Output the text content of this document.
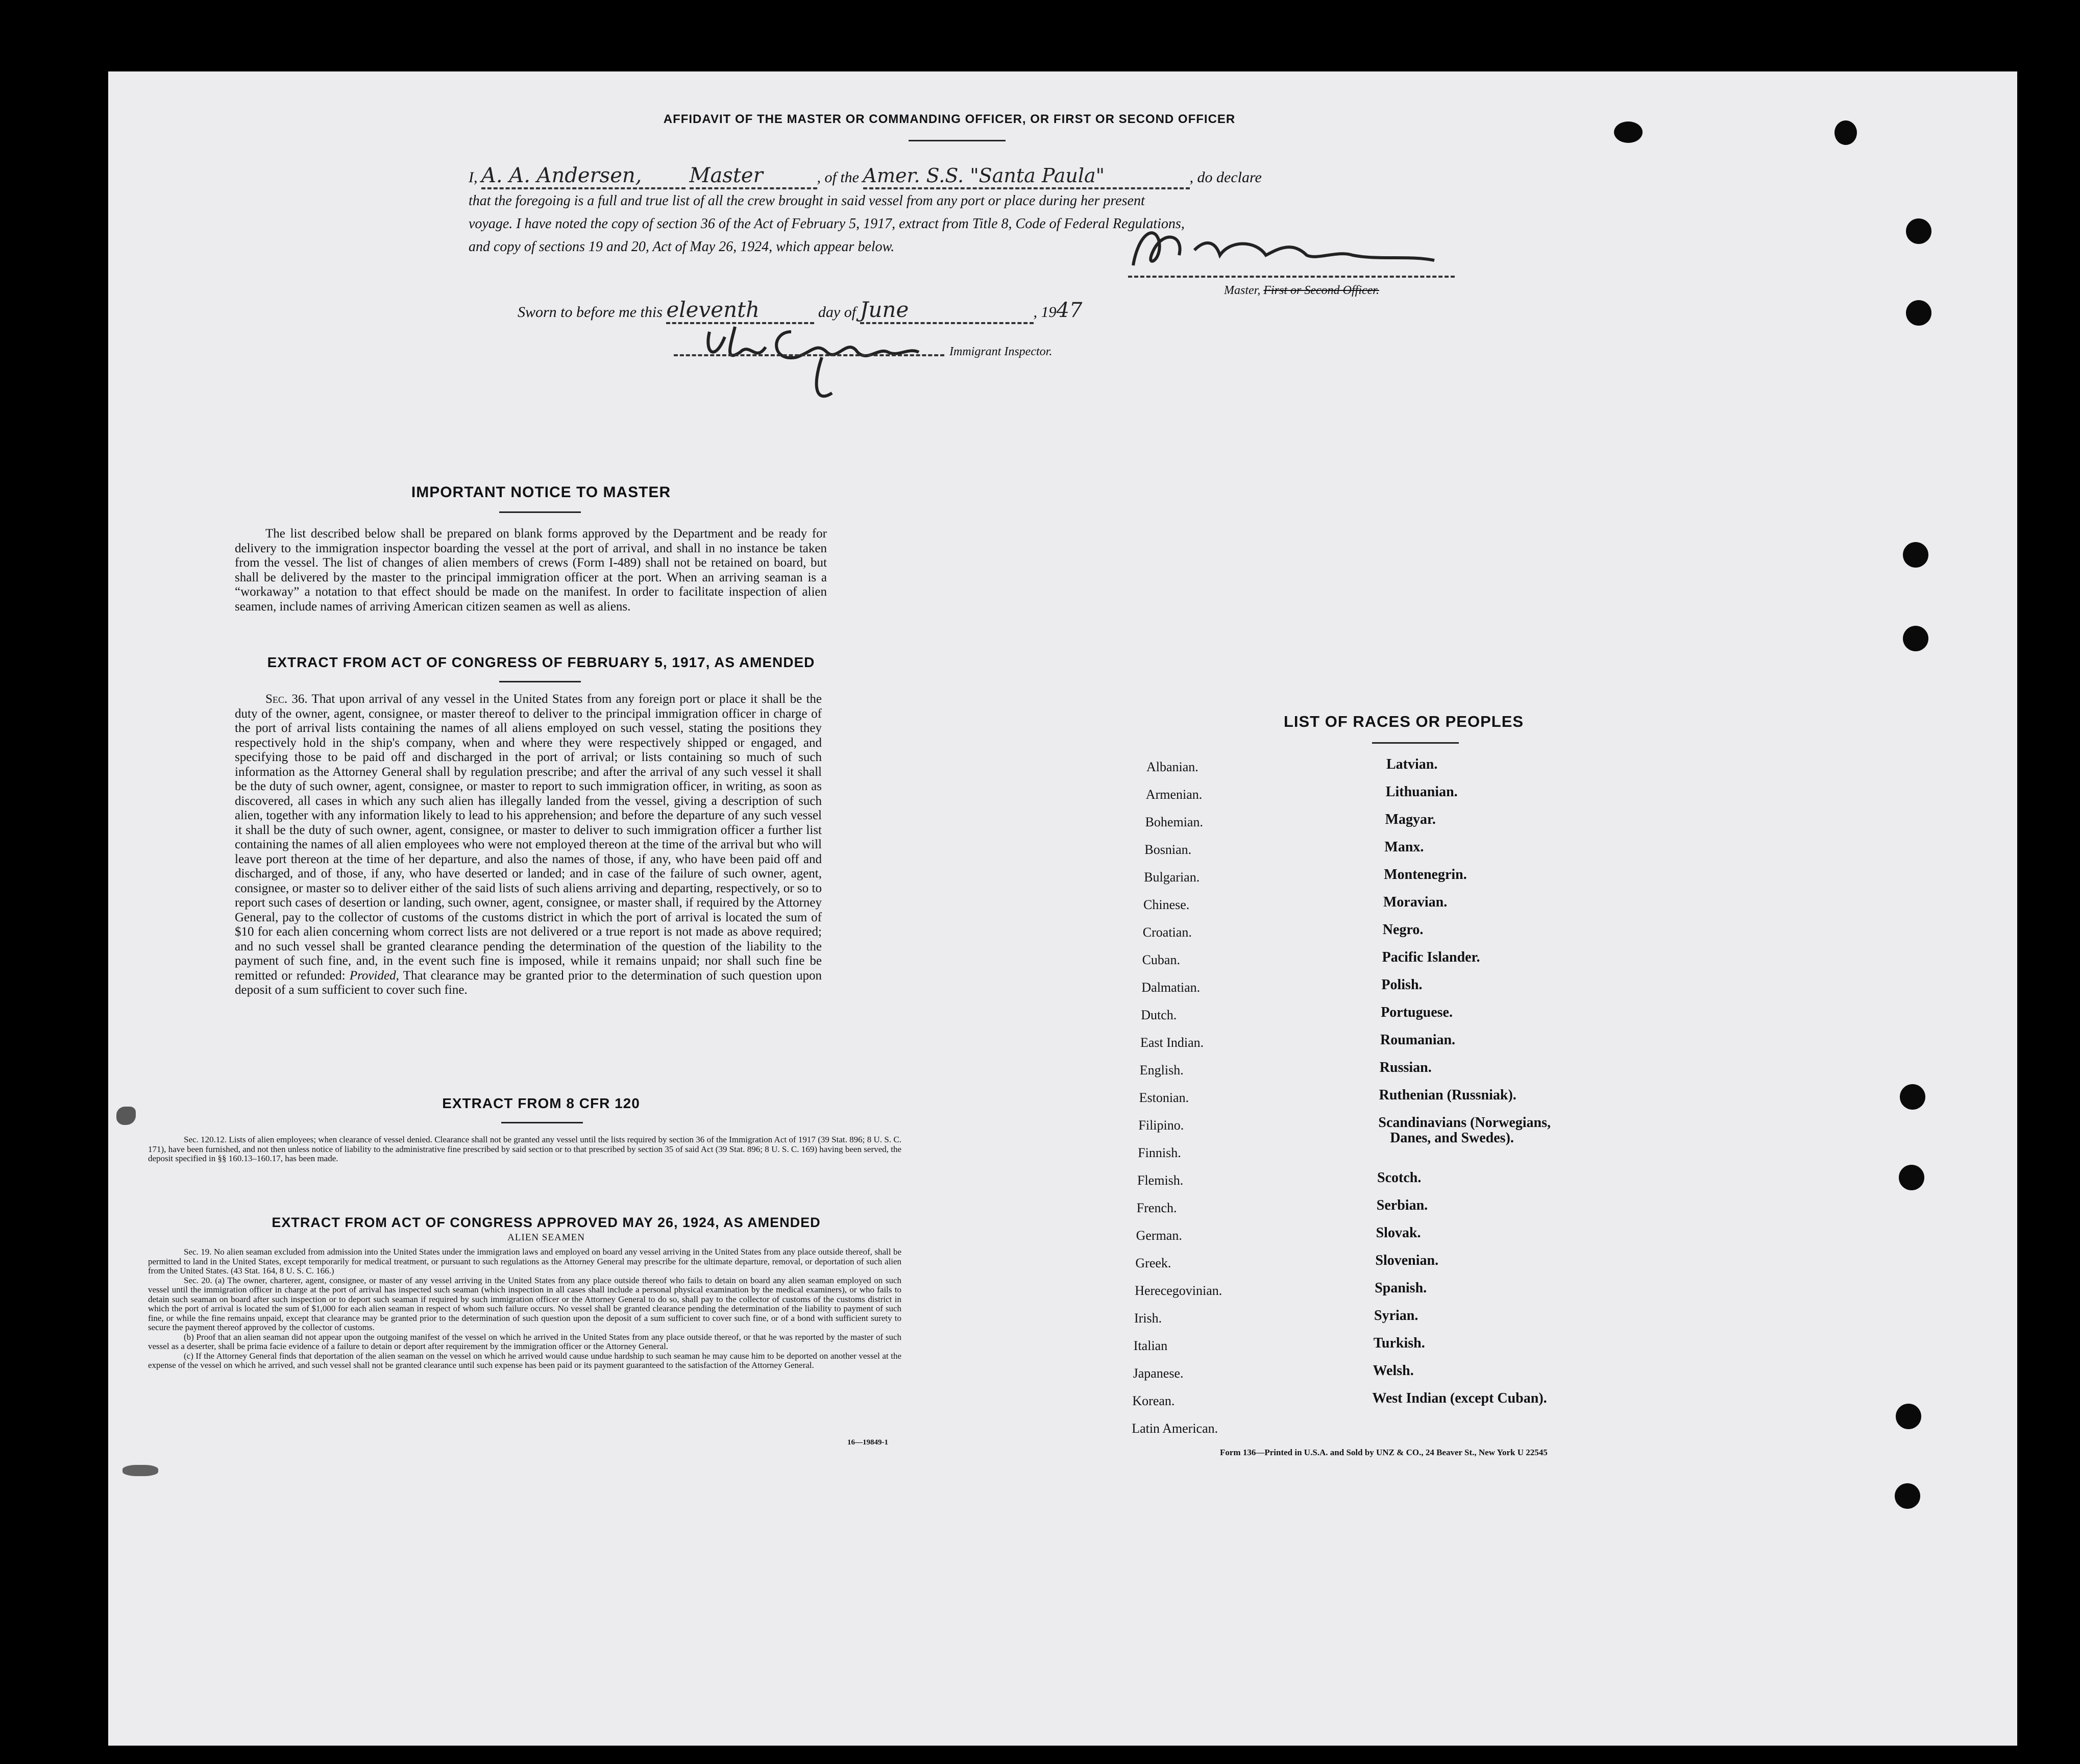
AFFIDAVIT OF THE MASTER OR COMMANDING OFFICER, OR FIRST OR SECOND OFFICER
I, A. A. Andersen, Master	, of the Amer. S.S. "Santa Paula"	, do declare
that the foregoing is a full and true list of all the crew brought in said vessel from any port or place during her present
voyage. I have noted the copy of section 36 of the Act of February 5, 1917, extract from Title 8, Code of Federal Regulations,
and copy of sections 19 and 20, Act of May 26, 1924, which appear below.
Master, First or Second Officer.
Sworn to before me this eleventh	day of June	, 1947
Immigrant Inspector.
IMPORTANT NOTICE TO MASTER
The list described below shall be prepared on blank forms approved by the Department and be ready for delivery to the immigration inspector boarding the vessel at the port of arrival, and shall in no instance be taken from the vessel. The list of changes of alien members of crews (Form I-489) shall not be retained on board, but shall be delivered by the master to the principal immigration officer at the port. When an arriving seaman is a “workaway” a notation to that effect should be made on the manifest. In order to facilitate inspection of alien seamen, include names of arriving American citizen seamen as well as aliens.
EXTRACT FROM ACT OF CONGRESS OF FEBRUARY 5, 1917, AS AMENDED
Sec. 36. That upon arrival of any vessel in the United States from any foreign port or place it shall be the duty of the owner, agent, consignee, or master thereof to deliver to the principal immigration officer in charge of the port of arrival lists containing the names of all aliens employed on such vessel, stating the positions they respectively hold in the ship's company, when and where they were respectively shipped or engaged, and specifying those to be paid off and discharged in the port of arrival; or lists containing so much of such information as the Attorney General shall by regulation prescribe; and after the arrival of any such vessel it shall be the duty of such owner, agent, consignee, or master to report to such immigration officer, in writing, as soon as discovered, all cases in which any such alien has illegally landed from the vessel, giving a description of such alien, together with any information likely to lead to his apprehension; and before the departure of any such vessel it shall be the duty of such owner, agent, consignee, or master to deliver to such immigration officer a further list containing the names of all alien employees who were not employed thereon at the time of the arrival but who will leave port thereon at the time of her departure, and also the names of those, if any, who have been paid off and discharged, and of those, if any, who have deserted or landed; and in case of the failure of such owner, agent, consignee, or master so to deliver either of the said lists of such aliens arriving and departing, respectively, or so to report such cases of desertion or landing, such owner, agent, consignee, or master shall, if required by the Attorney General, pay to the collector of customs of the customs district in which the port of arrival is located the sum of $10 for each alien concerning whom correct lists are not delivered or a true report is not made as above required; and no such vessel shall be granted clearance pending the determination of the question of the liability to the payment of such fine, and, in the event such fine is imposed, while it remains unpaid; nor shall such fine be remitted or refunded: Provided, That clearance may be granted prior to the determination of such question upon deposit of a sum sufficient to cover such fine.
EXTRACT FROM 8 CFR 120
Sec. 120.12. Lists of alien employees; when clearance of vessel denied. Clearance shall not be granted any vessel until the lists required by section 36 of the Immigration Act of 1917 (39 Stat. 896; 8 U. S. C. 171), have been furnished, and not then unless notice of liability to the administrative fine prescribed by said section or to that prescribed by section 35 of said Act (39 Stat. 896; 8 U. S. C. 169) having been served, the deposit specified in §§ 160.13–160.17, has been made.
EXTRACT FROM ACT OF CONGRESS APPROVED MAY 26, 1924, AS AMENDED
ALIEN SEAMEN
Sec. 19. No alien seaman excluded from admission into the United States under the immigration laws and employed on board any vessel arriving in the United States from any place outside thereof, shall be permitted to land in the United States, except temporarily for medical treatment, or pursuant to such regulations as the Attorney General may prescribe for the ultimate departure, removal, or deportation of such alien from the United States. (43 Stat. 164, 8 U. S. C. 166.)
Sec. 20. (a) The owner, charterer, agent, consignee, or master of any vessel arriving in the United States from any place outside thereof who fails to detain on board any alien seaman employed on such vessel until the immigration officer in charge at the port of arrival has inspected such seaman (which inspection in all cases shall include a personal physical examination by the medical examiners), or who fails to detain such seaman on board after such inspection or to deport such seaman if required by such immigration officer or the Attorney General to do so, shall pay to the collector of customs of the customs district in which the port of arrival is located the sum of $1,000 for each alien seaman in respect of whom such failure occurs. No vessel shall be granted clearance pending the determination of the liability to payment of such fine, or while the fine remains unpaid, except that clearance may be granted prior to the determination of such question upon the deposit of a sum sufficient to cover such fine, or of a bond with sufficient surety to secure the payment thereof approved by the collector of customs.
(b) Proof that an alien seaman did not appear upon the outgoing manifest of the vessel on which he arrived in the United States from any place outside thereof, or that he was reported by the master of such vessel as a deserter, shall be prima facie evidence of a failure to detain or deport after requirement by the immigration officer or the Attorney General.
(c) If the Attorney General finds that deportation of the alien seaman on the vessel on which he arrived would cause undue hardship to such seaman he may cause him to be deported on another vessel at the expense of the vessel on which he arrived, and such vessel shall not be granted clearance until such expense has been paid or its payment guaranteed to the satisfaction of the Attorney General.
16—19849-1
LIST OF RACES OR PEOPLES
Albanian.
Armenian.
Bohemian.
Bosnian.
Bulgarian.
Chinese.
Croatian.
Cuban.
Dalmatian.
Dutch.
East Indian.
English.
Estonian.
Filipino.
Finnish.
Flemish.
French.
German.
Greek.
Herecegovinian.
Irish.
Italian
Japanese.
Korean.
Latin American.
Latvian.
Lithuanian.
Magyar.
Manx.
Montenegrin.
Moravian.
Negro.
Pacific Islander.
Polish.
Portuguese.
Roumanian.
Russian.
Ruthenian (Russniak).
Scandinavians (Norwegians,
Danes, and Swedes).
Scotch.
Serbian.
Slovak.
Slovenian.
Spanish.
Syrian.
Turkish.
Welsh.
West Indian (except Cuban).
Form 136—Printed in U.S.A. and Sold by UNZ & CO., 24 Beaver St., New York U 22545
